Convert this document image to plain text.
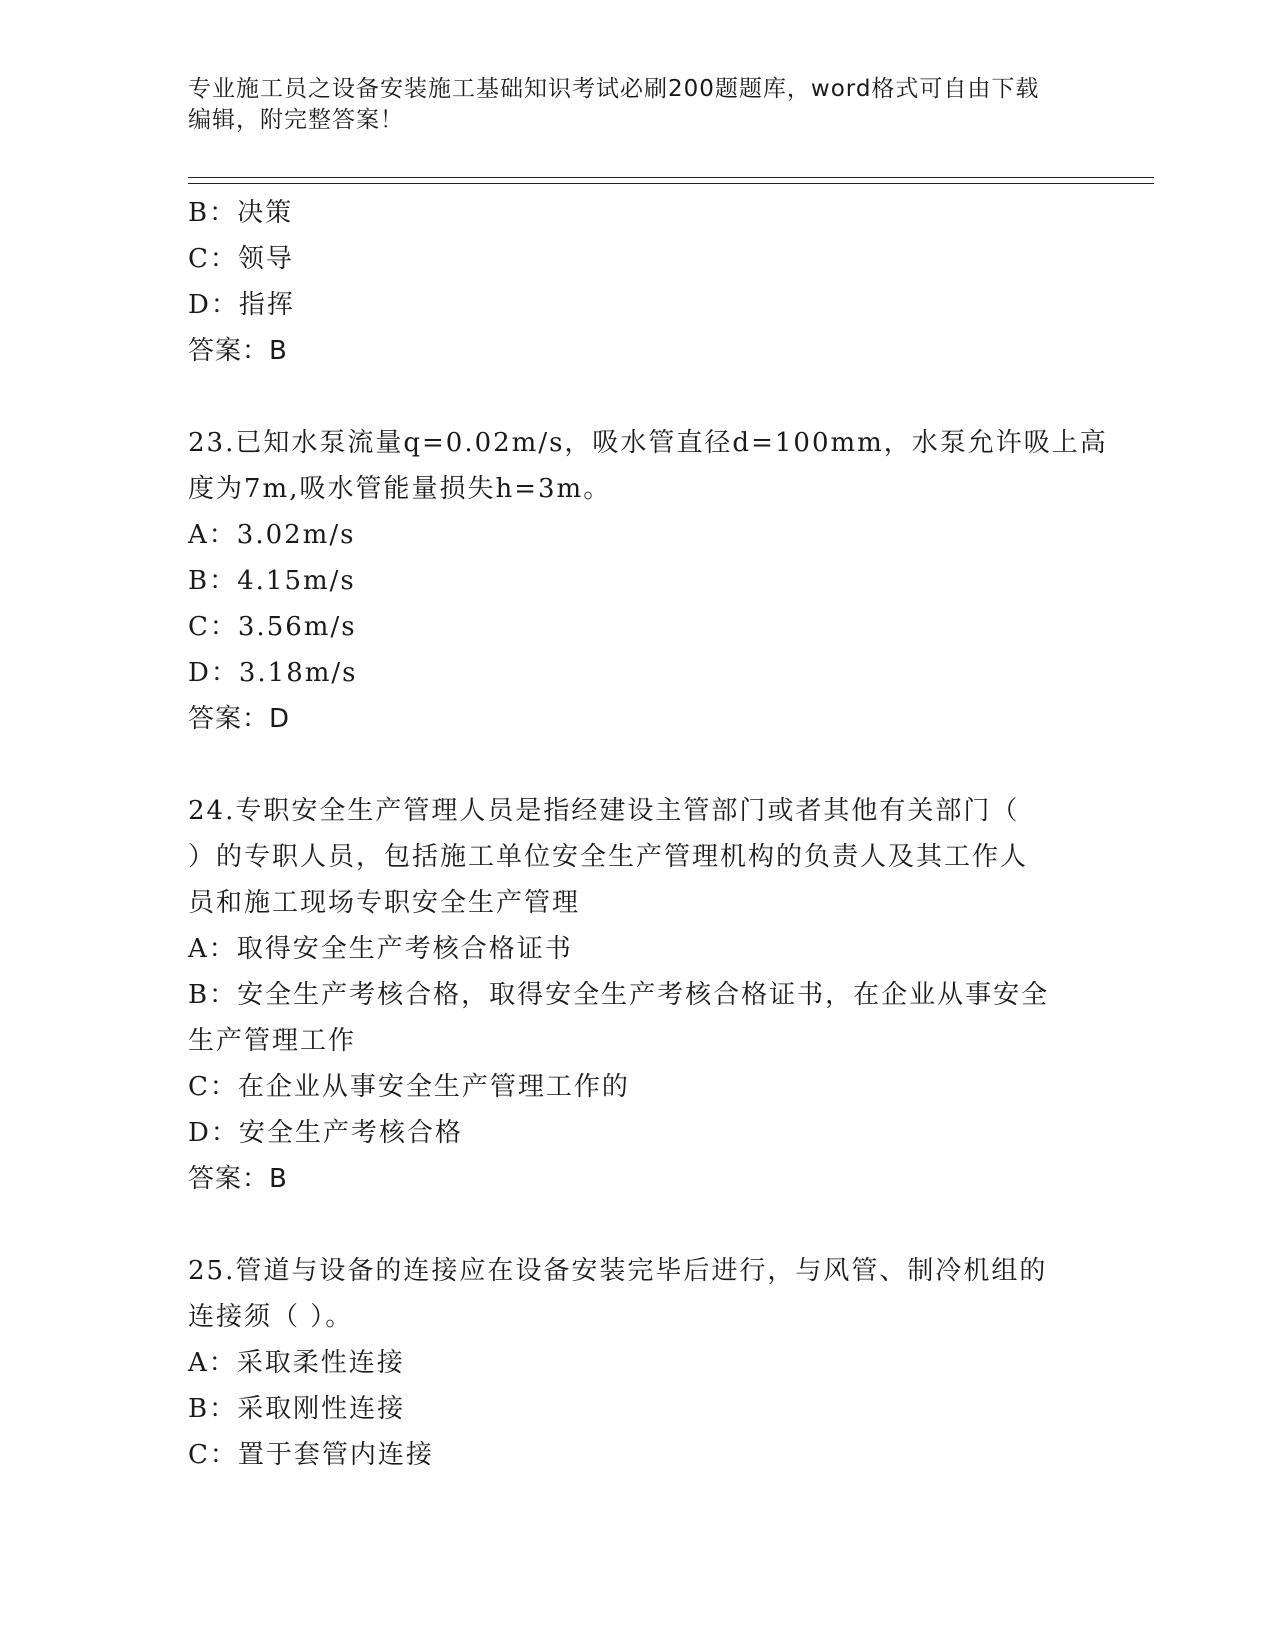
专业施工员之设备安装施工基础知识考试必刷200题题库，word格式可自由下载
编辑，附完整答案！
B：决策
C：领导
D：指挥
答案：B
23.已知水泵流量q=0.02m/s，吸水管直径d=100mm，水泵允许吸上高
度为7m,吸水管能量损失h=3m。
A：3.02m/s
B：4.15m/s
C：3.56m/s
D：3.18m/s
答案：D
24.专职安全生产管理人员是指经建设主管部门或者其他有关部门（
）的专职人员，包括施工单位安全生产管理机构的负责人及其工作人
员和施工现场专职安全生产管理
A：取得安全生产考核合格证书
B：安全生产考核合格，取得安全生产考核合格证书，在企业从事安全
生产管理工作
C：在企业从事安全生产管理工作的
D：安全生产考核合格
答案：B
25.管道与设备的连接应在设备安装完毕后进行，与风管、制冷机组的
连接须（ ）。
A：采取柔性连接
B：采取刚性连接
C：置于套管内连接
